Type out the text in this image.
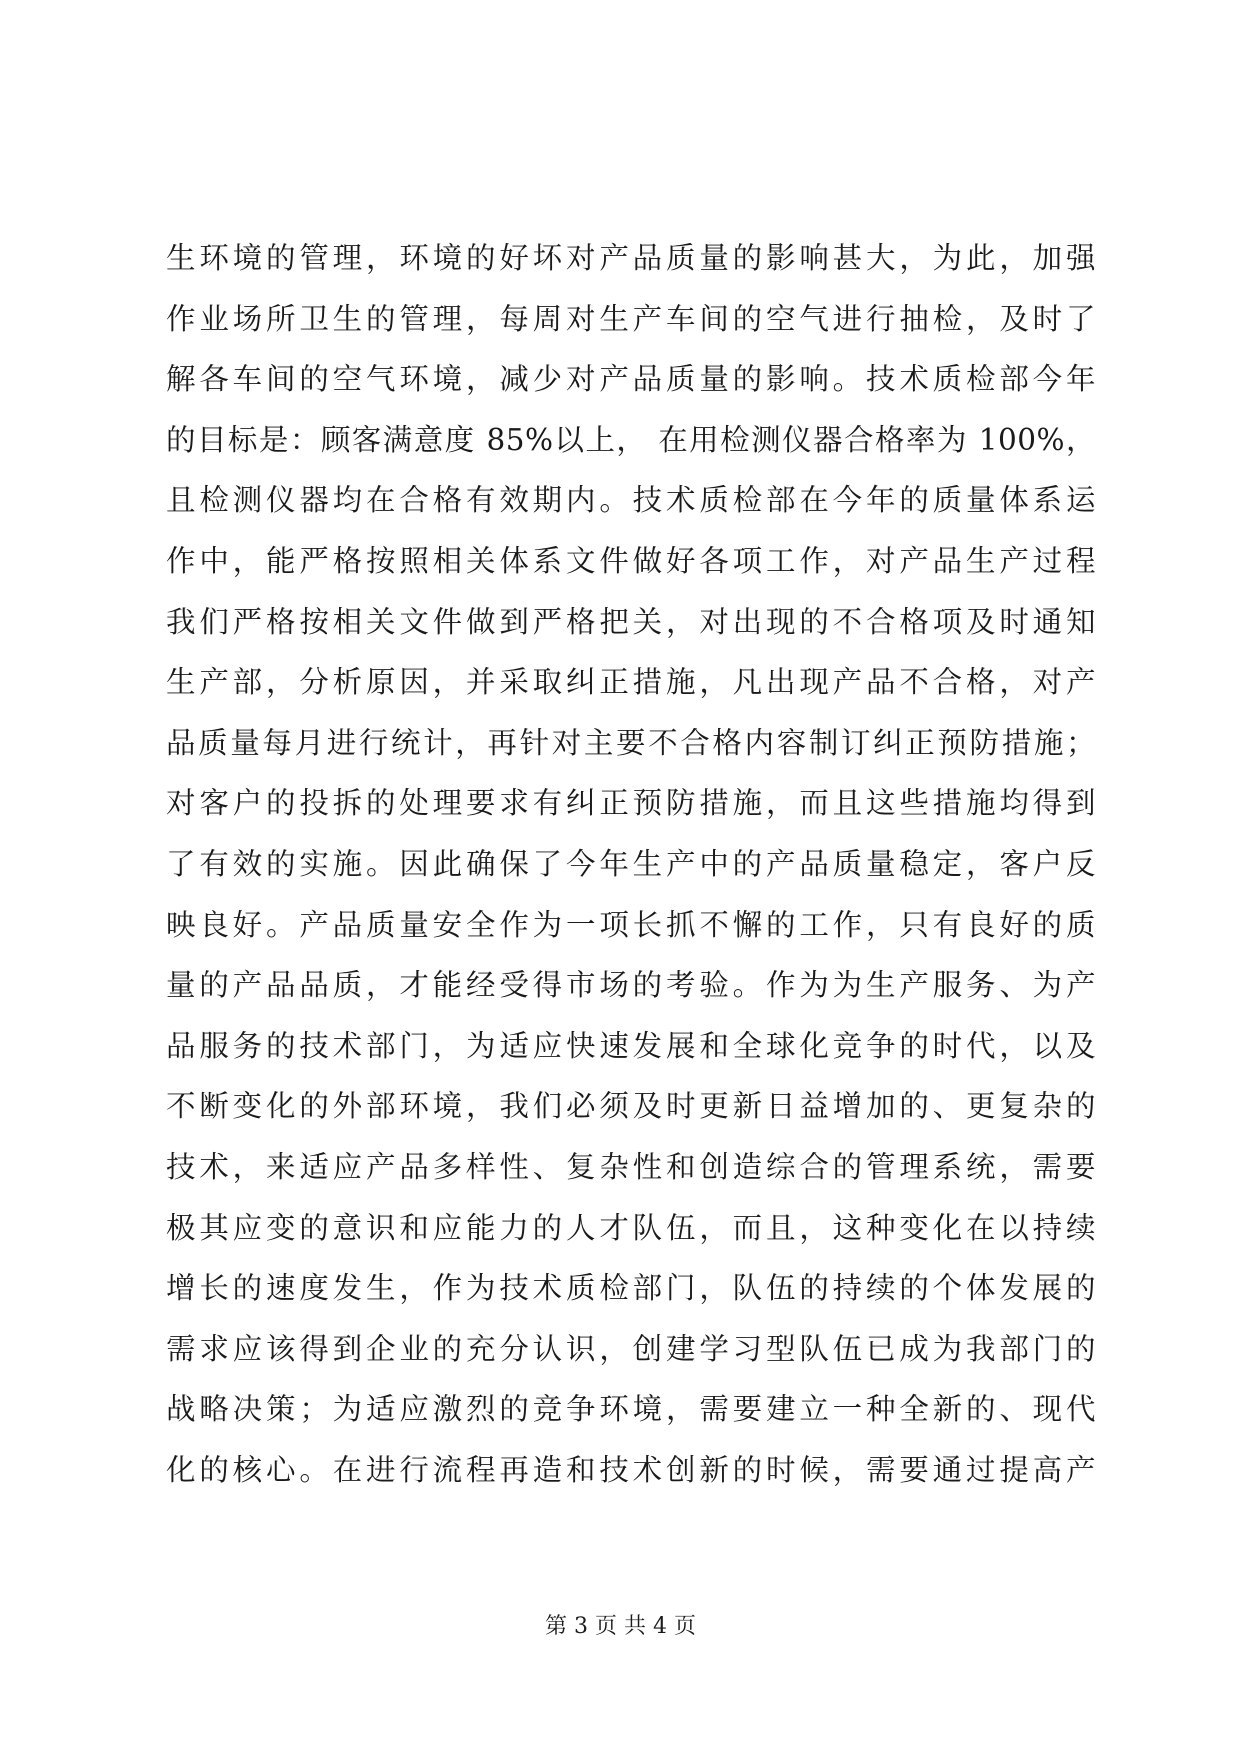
生环境的管理，环境的好坏对产品质量的影响甚大，为此，加强
作业场所卫生的管理，每周对生产车间的空气进行抽检，及时了
解各车间的空气环境，减少对产品质量的影响。技术质检部今年
的目标是：顾客满意度 85%以上， 在用检测仪器合格率为 100%，
且检测仪器均在合格有效期内。技术质检部在今年的质量体系运
作中，能严格按照相关体系文件做好各项工作，对产品生产过程
我们严格按相关文件做到严格把关，对出现的不合格项及时通知
生产部，分析原因，并采取纠正措施，凡出现产品不合格，对产
品质量每月进行统计，再针对主要不合格内容制订纠正预防措施；
对客户的投拆的处理要求有纠正预防措施，而且这些措施均得到
了有效的实施。因此确保了今年生产中的产品质量稳定，客户反
映良好。产品质量安全作为一项长抓不懈的工作，只有良好的质
量的产品品质，才能经受得市场的考验。作为为生产服务、为产
品服务的技术部门，为适应快速发展和全球化竞争的时代，以及
不断变化的外部环境，我们必须及时更新日益增加的、更复杂的
技术，来适应产品多样性、复杂性和创造综合的管理系统，需要
极其应变的意识和应能力的人才队伍，而且，这种变化在以持续
增长的速度发生，作为技术质检部门，队伍的持续的个体发展的
需求应该得到企业的充分认识，创建学习型队伍已成为我部门的
战略决策；为适应激烈的竞争环境，需要建立一种全新的、现代
化的核心。在进行流程再造和技术创新的时候，需要通过提高产
第 3 页 共 4 页
